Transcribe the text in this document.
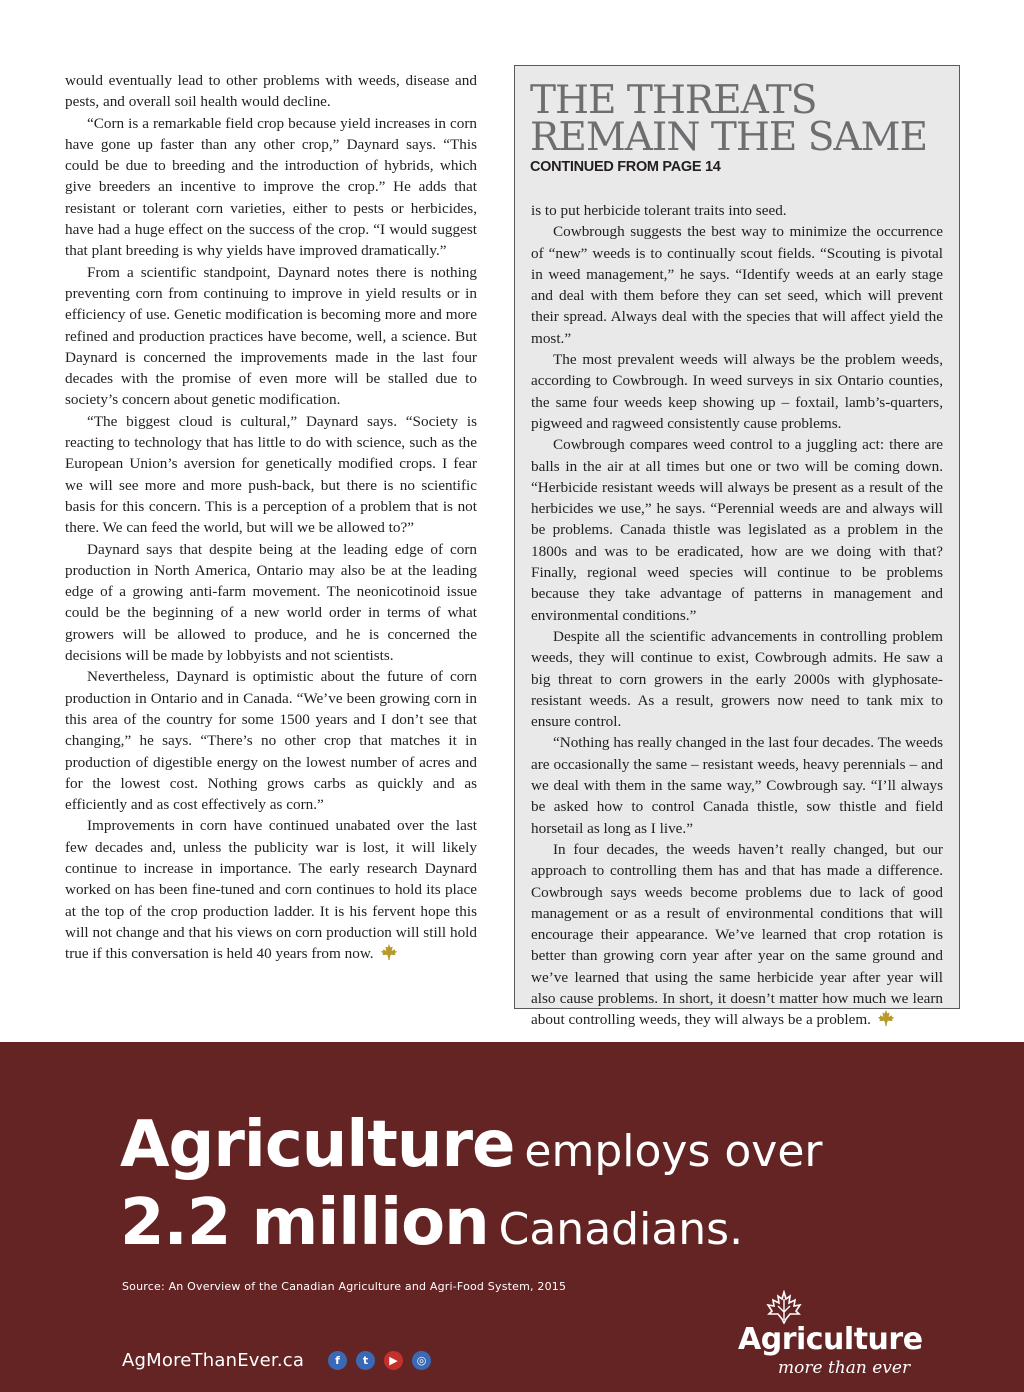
would eventually lead to other problems with weeds, disease and pests, and overall soil health would decline.

“Corn is a remarkable field crop because yield increases in corn have gone up faster than any other crop,” Daynard says. “This could be due to breeding and the introduction of hybrids, which give breeders an incentive to improve the crop.” He adds that resistant or tolerant corn varieties, either to pests or herbicides, have had a huge effect on the success of the crop. “I would suggest that plant breeding is why yields have improved dramatically.”

From a scientific standpoint, Daynard notes there is nothing preventing corn from continuing to improve in yield results or in efficiency of use. Genetic modification is becoming more and more refined and production practices have become, well, a science. But Daynard is concerned the improvements made in the last four decades with the promise of even more will be stalled due to society’s concern about genetic modification.

“The biggest cloud is cultural,” Daynard says. “Society is reacting to technology that has little to do with science, such as the European Union’s aversion for genetically modified crops. I fear we will see more and more push-back, but there is no scientific basis for this concern. This is a perception of a problem that is not there. We can feed the world, but will we be allowed to?”

Daynard says that despite being at the leading edge of corn production in North America, Ontario may also be at the leading edge of a growing anti-farm movement. The neonicotinoid issue could be the beginning of a new world order in terms of what growers will be allowed to produce, and he is concerned the decisions will be made by lobbyists and not scientists.

Nevertheless, Daynard is optimistic about the future of corn production in Ontario and in Canada. “We’ve been growing corn in this area of the country for some 1500 years and I don’t see that changing,” he says. “There’s no other crop that matches it in production of digestible energy on the lowest number of acres and for the lowest cost. Nothing grows carbs as quickly and as efficiently and as cost effectively as corn.”

Improvements in corn have continued unabated over the last few decades and, unless the publicity war is lost, it will likely continue to increase in importance. The early research Daynard worked on has been fine-tuned and corn continues to hold its place at the top of the crop production ladder. It is his fervent hope this will not change and that his views on corn production will still hold true if this conversation is held 40 years from now.

THE THREATS
REMAIN THE SAME
CONTINUED FROM PAGE 14

is to put herbicide tolerant traits into seed.

Cowbrough suggests the best way to minimize the occurrence of “new” weeds is to continually scout fields. “Scouting is pivotal in weed management,” he says. “Identify weeds at an early stage and deal with them before they can set seed, which will prevent their spread. Always deal with the species that will affect yield the most.”

The most prevalent weeds will always be the problem weeds, according to Cowbrough. In weed surveys in six Ontario counties, the same four weeds keep showing up – foxtail, lamb’s-quarters, pigweed and ragweed consistently cause problems.

Cowbrough compares weed control to a juggling act: there are balls in the air at all times but one or two will be coming down. “Herbicide resistant weeds will always be present as a result of the herbicides we use,” he says. “Perennial weeds are and always will be problems. Canada thistle was legislated as a problem in the 1800s and was to be eradicated, how are we doing with that? Finally, regional weed species will continue to be problems because they take advantage of patterns in management and environmental conditions.”

Despite all the scientific advancements in controlling problem weeds, they will continue to exist, Cowbrough admits. He saw a big threat to corn growers in the early 2000s with glyphosate-resistant weeds. As a result, growers now need to tank mix to ensure control.

“Nothing has really changed in the last four decades. The weeds are occasionally the same – resistant weeds, heavy perennials – and we deal with them in the same way,” Cowbrough say. “I’ll always be asked how to control Canada thistle, sow thistle and field horsetail as long as I live.”

In four decades, the weeds haven’t really changed, but our approach to controlling them has and that has made a difference. Cowbrough says weeds become problems due to lack of good management or as a result of environmental conditions that will encourage their appearance. We’ve learned that crop rotation is better than growing corn year after year on the same ground and we’ve learned that using the same herbicide year after year will also cause problems. In short, it doesn’t matter how much we learn about controlling weeds, they will always be a problem.

Agriculture employs over
2.2 million Canadians.
Source: An Overview of the Canadian Agriculture and Agri-Food System, 2015
AgMoreThanEver.ca	f	t	▶	◎
Agriculture
more than ever
